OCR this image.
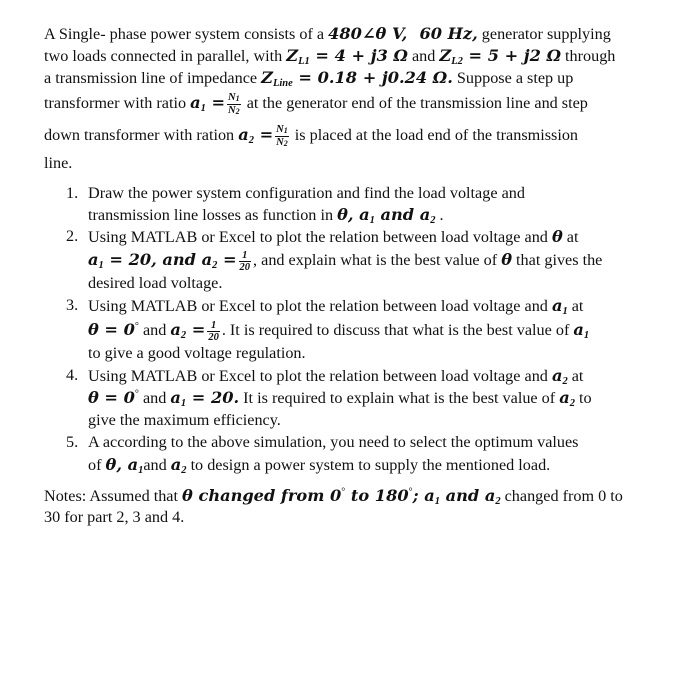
A Single- phase power system consists of a 480∠θ V, 60 Hz, generator supplying
two loads connected in parallel, with $Z_{L1} = 4 + j3$ Ω and $Z_{L2} = 5 + j2$ Ω through
a transmission line of impedance $Z_{Line} = 0.18 + j0.24$ Ω. Suppose a step up
transformer with ratio $a_1 = \frac{N1}{N2}$ at the generator end of the transmission line and step
down transformer with ration $a_2 = \frac{N1}{N2}$ is placed at the load end of the transmission
line.
1. Draw the power system configuration and find the load voltage and
transmission line losses as function in θ, $a_1$ and $a_2$ .
2. Using MATLAB or Excel to plot the relation between load voltage and θ at
$a_1 = 20$, and $a_2 = \frac{1}{20}$ , and explain what is the best value of θ that gives the
desired load voltage.
3. Using MATLAB or Excel to plot the relation between load voltage and $a_1$ at
θ = 0° and $a_2 = \frac{1}{20}$ . It is required to discuss that what is the best value of $a_1$
to give a good voltage regulation.
4. Using MATLAB or Excel to plot the relation between load voltage and $a_2$ at
θ = 0° and $a_1 = 20$. It is required to explain what is the best value of $a_2$ to
give the maximum efficiency.
5. A according to the above simulation, you need to select the optimum values
of θ, $a_1and$ $a_2$ to design a power system to supply the mentioned load.
Notes: Assumed that θ changed from 0° to 180°; $a_1$ and $a_2$ changed from 0 to
30 for part 2, 3 and 4.
